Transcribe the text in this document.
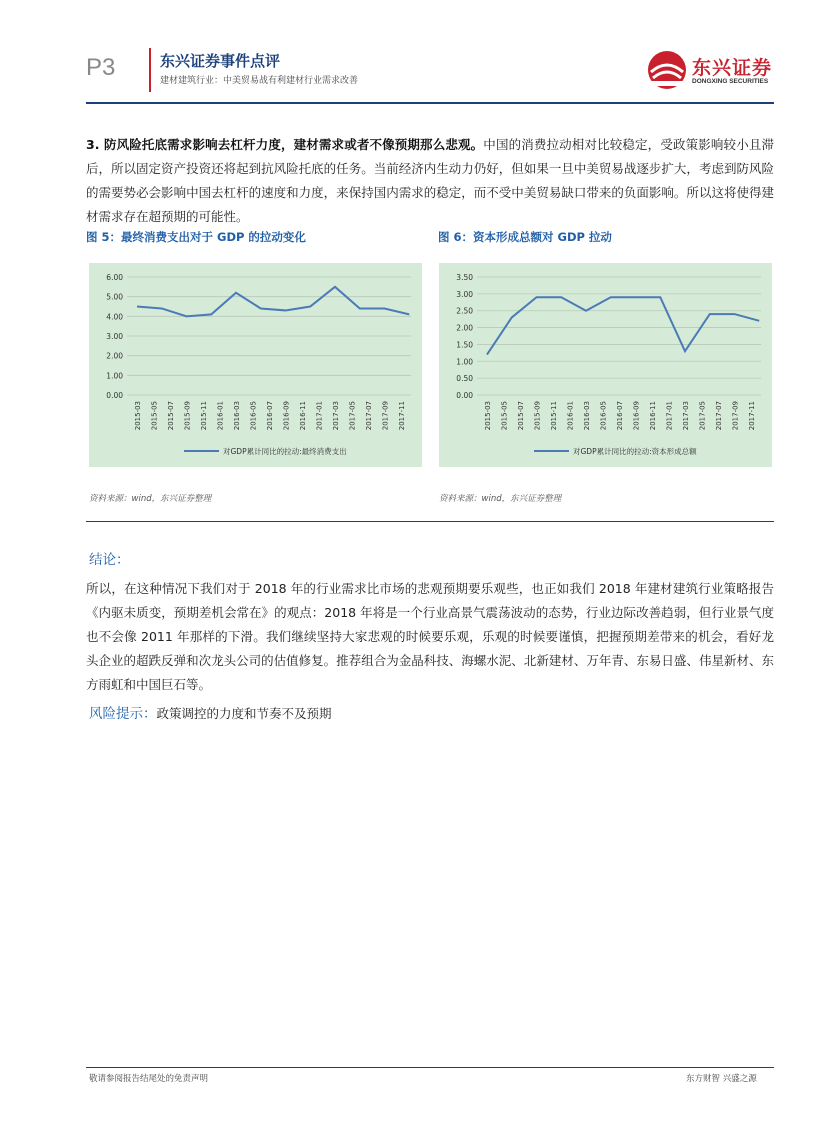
P3	东兴证券事件点评
建材建筑行业：中美贸易战有利建材行业需求改善
东兴证券
DONGXING SECURITIES
3. 防风险托底需求影响去杠杆力度，建材需求或者不像预期那么悲观。中国的消费拉动相对比较稳定，受政策影响较小且滞后，所以固定资产投资还将起到抗风险托底的任务。当前经济内生动力仍好，但如果一旦中美贸易战逐步扩大，考虑到防风险的需要势必会影响中国去杠杆的速度和力度，来保持国内需求的稳定，而不受中美贸易缺口带来的负面影响。所以这将使得建材需求存在超预期的可能性。
图 5：最终消费支出对于 GDP 的拉动变化	图 6：资本形成总额对 GDP 拉动
0.00
1.00
2.00
3.00
4.00
5.00
6.00
2015-03 2015-05 2015-07 2015-09 2015-11 2016-01 2016-03 2016-05 2016-07 2016-09 2016-11 2017-01 2017-03 2017-05 2017-07 2017-09 2017-11
对GDP累计同比的拉动:最终消费支出
0.00
0.50
1.00
1.50
2.00
2.50
3.00
3.50
2015-03 2015-05 2015-07 2015-09 2015-11 2016-01 2016-03 2016-05 2016-07 2016-09 2016-11 2017-01 2017-03 2017-05 2017-07 2017-09 2017-11
对GDP累计同比的拉动:资本形成总额
资料来源：wind，东兴证券整理	资料来源：wind，东兴证券整理
结论：
所以，在这种情况下我们对于 2018 年的行业需求比市场的悲观预期要乐观些，也正如我们 2018 年建材建筑行业策略报告《内驱未质变，预期差机会常在》的观点：2018 年将是一个行业高景气震荡波动的态势，行业边际改善趋弱，但行业景气度也不会像 2011 年那样的下滑。我们继续坚持大家悲观的时候要乐观，乐观的时候要谨慎，把握预期差带来的机会，看好龙头企业的超跌反弹和次龙头公司的估值修复。推荐组合为金晶科技、海螺水泥、北新建材、万年青、东易日盛、伟星新材、东方雨虹和中国巨石等。
风险提示：政策调控的力度和节奏不及预期
敬请参阅报告结尾处的免责声明	东方财智 兴盛之源
